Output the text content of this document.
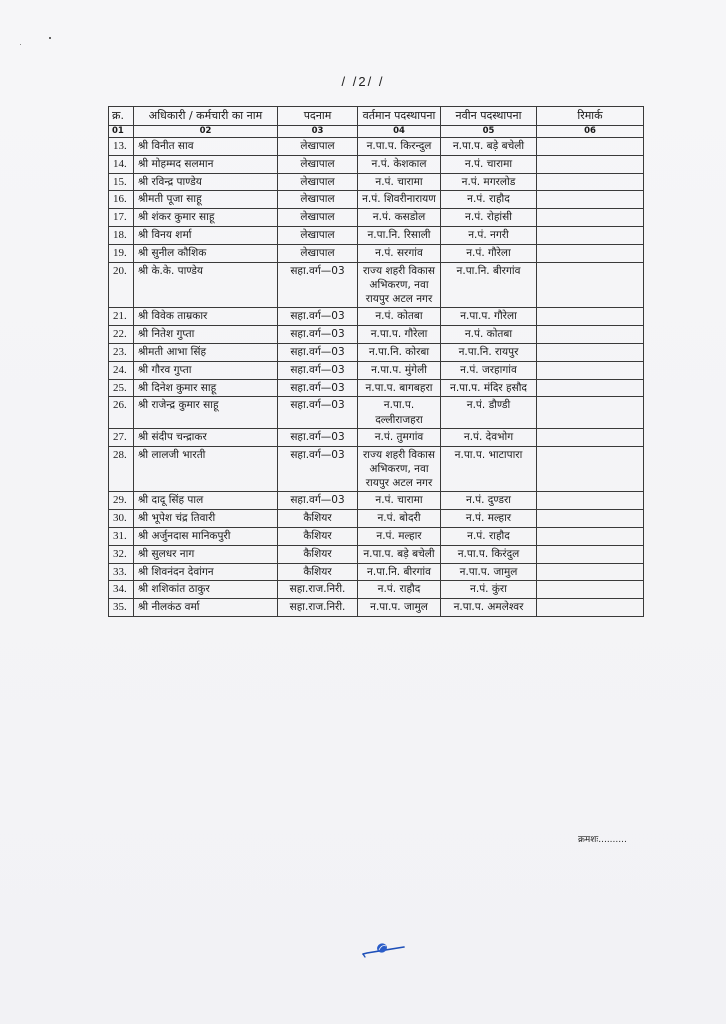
/ /2/ /
क्र.	अधिकारी / कर्मचारी का नाम	पदनाम	वर्तमान पदस्थापना	नवीन पदस्थापना	रिमार्क
01	02	03	04	05	06
13.	श्री विनीत साव	लेखापाल	न.पा.प. किरन्दुल	न.पा.प. बड़े बचेली	
14.	श्री मोहम्मद सलमान	लेखापाल	न.पं. केशकाल	न.पं. चारामा	
15.	श्री रविन्द्र पाण्डेय	लेखापाल	न.पं. चारामा	न.पं. मगरलोड	
16.	श्रीमती पूजा साहू	लेखापाल	न.पं. शिवरीनारायण	न.पं. राहौद	
17.	श्री शंकर कुमार साहू	लेखापाल	न.पं. कसडोल	न.पं. रोहांसी	
18.	श्री विनय शर्मा	लेखापाल	न.पा.नि. रिसाली	न.पं. नगरी	
19.	श्री सुनील कौशिक	लेखापाल	न.पं. सरगांव	न.पं. गौरेला	
20.	श्री के.के. पाण्डेय	सहा.वर्ग—03	राज्य शहरी विकास अभिकरण, नवा रायपुर अटल नगर	न.पा.नि. बीरगांव	
21.	श्री विवेक ताम्रकार	सहा.वर्ग—03	न.पं. कोतबा	न.पा.प. गौरेला	
22.	श्री नितेश गुप्ता	सहा.वर्ग—03	न.पा.प. गौरेला	न.पं. कोतबा	
23.	श्रीमती आभा सिंह	सहा.वर्ग—03	न.पा.नि. कोरबा	न.पा.नि. रायपुर	
24.	श्री गौरव गुप्ता	सहा.वर्ग—03	न.पा.प. मुंगेली	न.पं. जरहागांव	
25.	श्री दिनेश कुमार साहू	सहा.वर्ग—03	न.पा.प. बागबहरा	न.पा.प. मंदिर हसौद	
26.	श्री राजेन्द्र कुमार साहू	सहा.वर्ग—03	न.पा.प. दल्लीराजहरा	न.पं. डौण्डी	
27.	श्री संदीप चन्द्राकर	सहा.वर्ग—03	न.पं. तुमगांव	न.पं. देवभोग	
28.	श्री लालजी भारती	सहा.वर्ग—03	राज्य शहरी विकास अभिकरण, नवा रायपुर अटल नगर	न.पा.प. भाटापारा	
29.	श्री दादू सिंह पाल	सहा.वर्ग—03	न.पं. चारामा	न.पं. दुण्डरा	
30.	श्री भूपेश चंद्र तिवारी	कैशियर	न.पं. बोदरी	न.पं. मल्हार	
31.	श्री अर्जुनदास मानिकपुरी	कैशियर	न.पं. मल्हार	न.पं. राहौद	
32.	श्री सुलधर नाग	कैशियर	न.पा.प. बड़े बचेली	न.पा.प. किरंदुल	
33.	श्री शिवनंदन देवांगन	कैशियर	न.पा.नि. बीरगांव	न.पा.प. जामुल	
34.	श्री शशिकांत ठाकुर	सहा.राज.निरी.	न.पं. राहौद	न.पं. कुंरा	
35.	श्री नीलकंठ वर्मा	सहा.राज.निरी.	न.पा.प. जामुल	न.पा.प. अमलेश्वर	
क्रमशः..........
